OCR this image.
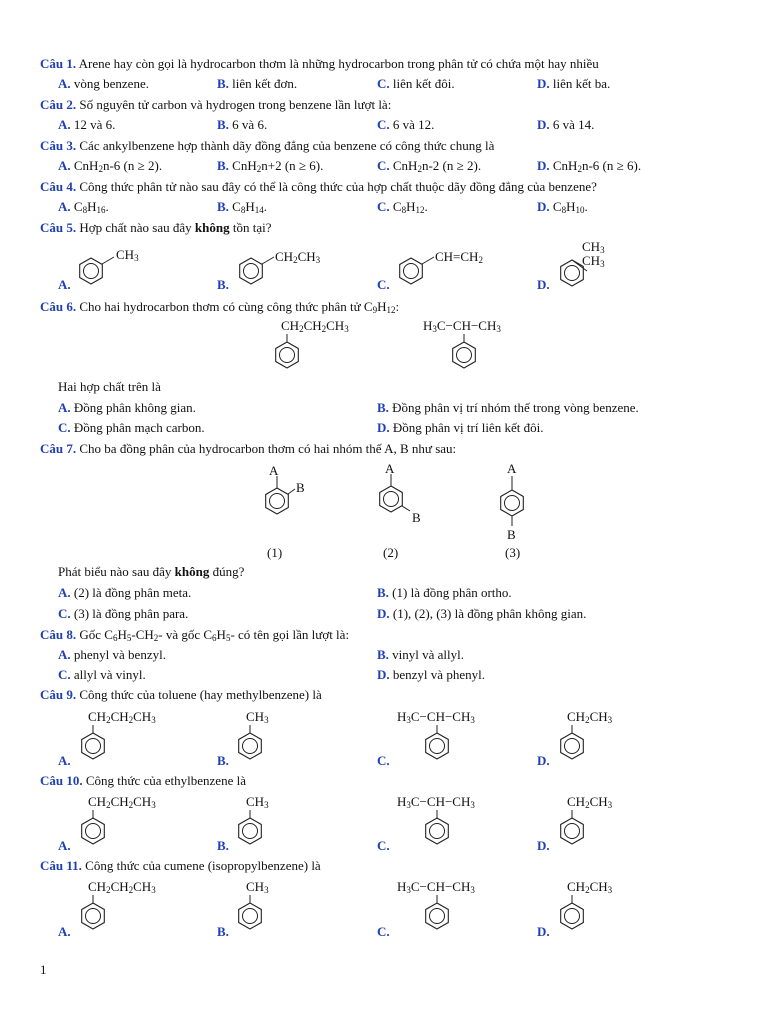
Câu 1. Arene hay còn gọi là hydrocarbon thơm là những hydrocarbon trong phân tử có chứa một hay nhiều
A. vòng benzene.	B. liên kết đơn.	C. liên kết đôi.	D. liên kết ba.
Câu 2. Số nguyên tử carbon và hydrogen trong benzene lần lượt là:
A. 12 và 6.	B. 6 và 6.	C. 6 và 12.	D. 6 và 14.
Câu 3. Các ankylbenzene hợp thành dãy đồng đẳng của benzene có công thức chung là
A. CnH$_2$n-6 (n ≥ 2).	B. CnH$_2$n+2 (n ≥ 6).	C. CnH$_2$n-2 (n ≥ 2).	D. CnH$_2$n-6 (n ≥ 6).
Câu 4. Công thức phân tử nào sau đây có thể là công thức của hợp chất thuộc dãy đồng đẳng của benzene?
A. $C_8H_{16}$.	B. $C_8H_{14}$.	C. $C_8H_{12}$.	D. $C_8H_{10}$.
Câu 5. Hợp chất nào sau đây không tồn tại?
A.
$CH_3$
B.
$CH_2CH_3$
C.
$CH=CH_2$
D.
$CH_3$ $CH_3$
Câu 6. Cho hai hydrocarbon thơm có cùng công thức phân tử $C_9H_{12}$:
$CH_2CH_2CH_3$	$H_3C-CH-CH_3$
Hai hợp chất trên là
A. Đồng phân không gian.	B. Đồng phân vị trí nhóm thế trong vòng benzene.
C. Đồng phân mạch carbon.	D. Đồng phân vị trí liên kết đôi.
Câu 7. Cho ba đồng phân của hydrocarbon thơm có hai nhóm thế A, B như sau:
A
B
A
B
A
B
(1)	(2)	(3)
Phát biểu nào sau đây không đúng?
A. (2) là đồng phân meta.	B. (1) là đồng phân ortho.
C. (3) là đồng phân para.	D. (1), (2), (3) là đồng phân không gian.
Câu 8. Gốc $C_6H_5-CH_2-$ và gốc $C_6H_5-$ có tên gọi lần lượt là:
A. phenyl và benzyl.	B. vinyl và allyl.
C. allyl và vinyl.	D. benzyl và phenyl.
Câu 9. Công thức của toluene (hay methylbenzene) là
A.
$CH_2CH_2CH_3$
B.
$CH_3$
C.
$H_3C-CH-CH_3$
D.
$CH_2CH_3$
Câu 10. Công thức của ethylbenzene là
A.
$CH_2CH_2CH_3$
B.
$CH_3$
C.
$H_3C-CH-CH_3$
D.
$CH_2CH_3$
Câu 11. Công thức của cumene (isopropylbenzene) là
A.
$CH_2CH_2CH_3$
B.
$CH_3$
C.
$H_3C-CH-CH_3$
D.
$CH_2CH_3$
1
